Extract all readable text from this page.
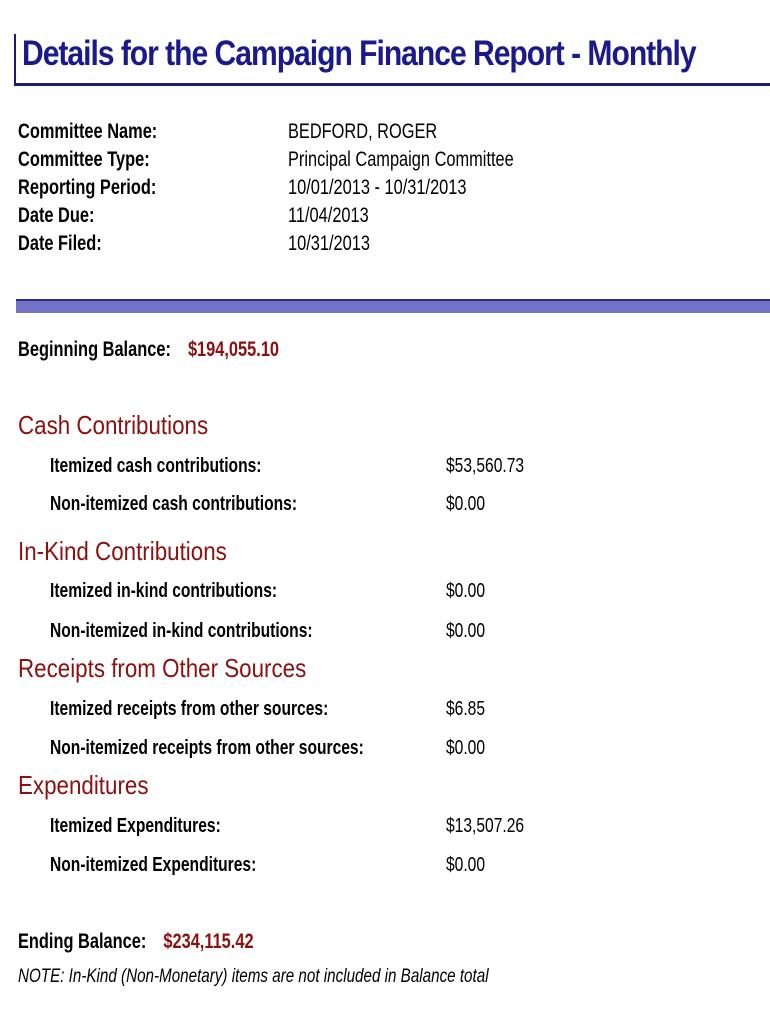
Details for the Campaign Finance Report - Monthly
Committee Name:	BEDFORD, ROGER
Committee Type:	Principal Campaign Committee
Reporting Period:	10/01/2013 - 10/31/2013
Date Due:	11/04/2013
Date Filed:	10/31/2013
Beginning Balance: $194,055.10
Cash Contributions
Itemized cash contributions:	$53,560.73
Non-itemized cash contributions:	$0.00
In-Kind Contributions
Itemized in-kind contributions:	$0.00
Non-itemized in-kind contributions:	$0.00
Receipts from Other Sources
Itemized receipts from other sources:	$6.85
Non-itemized receipts from other sources:	$0.00
Expenditures
Itemized Expenditures:	$13,507.26
Non-itemized Expenditures:	$0.00
Ending Balance: $234,115.42
NOTE: In-Kind (Non-Monetary) items are not included in Balance total
